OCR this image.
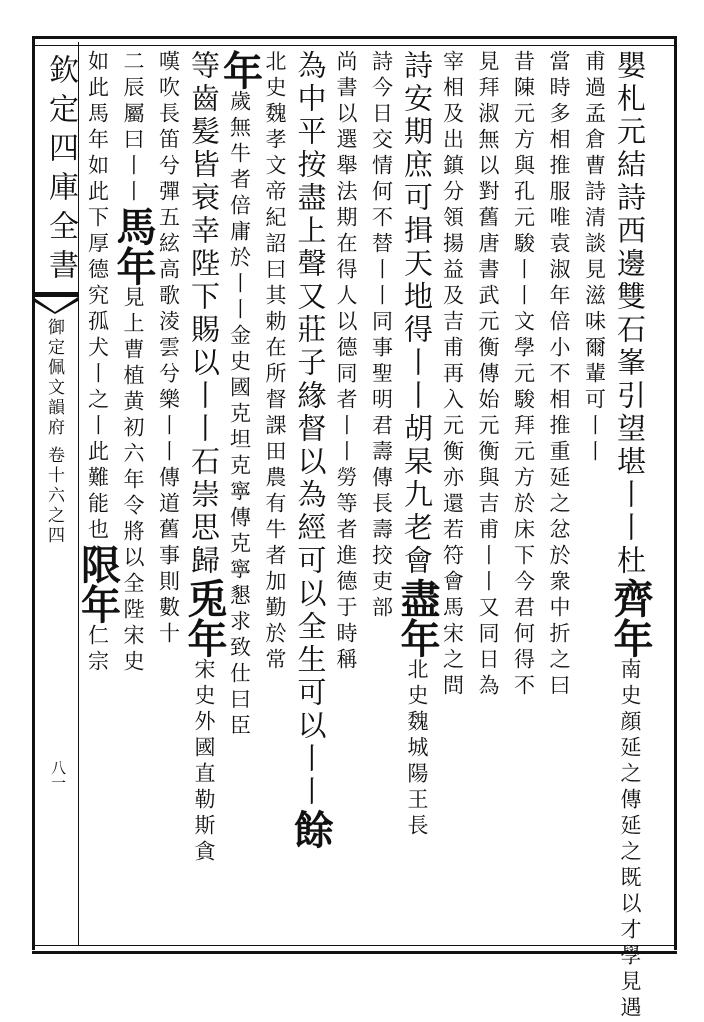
欽定四庫全書
御定佩文韻府
卷十六之四
八一
嬰札元結詩西邊雙石峯引望堪丨丨杜齊年南史顔延之傳延之既以才學見遇
甫過孟倉曹詩清談見滋味爾輩可丨丨
當時多相推服唯袁淑年倍小不相推重延之忿於衆中折之曰
昔陳元方與孔元駿丨丨文學元駿拜元方於床下今君何得不
見拜淑無以對舊唐書武元衡傳始元衡與吉甫丨丨又同日為
宰相及出鎮分領揚益及吉甫再入元衡亦還若符會馬宋之問
詩安期庶可揖天地得丨丨胡杲九老會盡年北史魏城陽王長
詩今日交情何不替丨丨同事聖明君壽傳長壽挍吏部
尚書以選舉法期在得人以德同者丨丨勞等者進德于時稱
為中平按盡上聲又莊子緣督以為經可以全生可以丨丨餘
北史魏孝文帝紀詔曰其勅在所督課田農有牛者加勤於常
年歲無牛者倍庸於丨丨金史國克坦克寧傳克寧懇求致仕曰臣
等齒髪皆衰幸陛下賜以丨丨石崇思歸兎年宋史外國直勒斯貪
嘆吹長笛兮彈五絃高歌淩雲兮樂丨丨傳道舊事則數十
二辰屬曰丨丨馬年見上曹植黄初六年令將以全陛宋史
如此馬年如此下厚德究孤犬丨之丨此難能也限年仁宗
